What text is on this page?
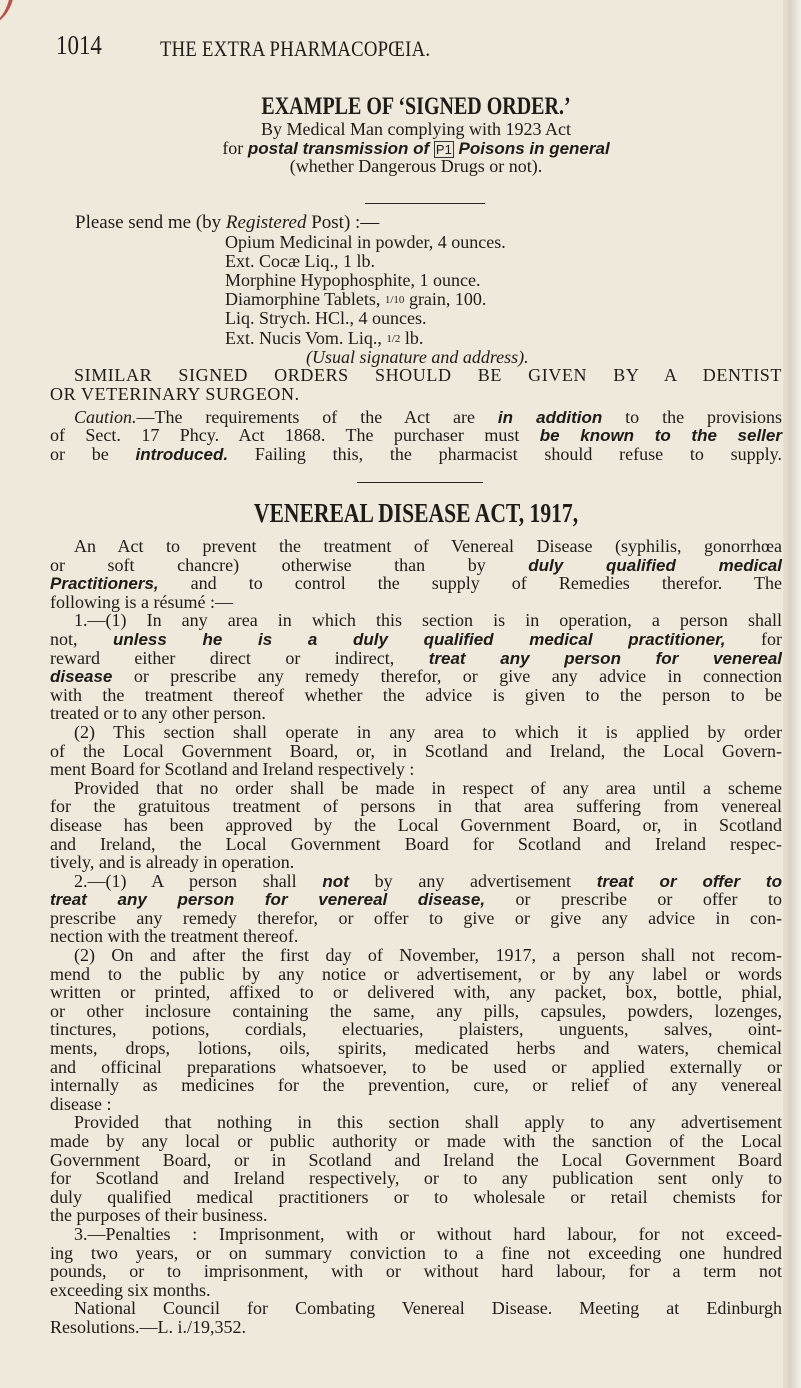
1014	THE EXTRA PHARMACOPŒIA.
EXAMPLE OF ‘SIGNED ORDER.’
By Medical Man complying with 1923 Act
for postal transmission of P1 Poisons in general
(whether Dangerous Drugs or not).
Please send me (by Registered Post) :—
Opium Medicinal in powder, 4 ounces.
Ext. Cocæ Liq., 1 lb.
Morphine Hypophosphite, 1 ounce.
Diamorphine Tablets, 1/10 grain, 100.
Liq. Strych. HCl., 4 ounces.
Ext. Nucis Vom. Liq., 1/2 lb.
(Usual signature and address).
SIMILAR SIGNED ORDERS SHOULD BE GIVEN BY A DENTIST
OR VETERINARY SURGEON.
Caution.—The requirements of the Act are in addition to the provisions
of Sect. 17 Phcy. Act 1868. The purchaser must be known to the seller
or be introduced. Failing this, the pharmacist should refuse to supply.
VENEREAL DISEASE ACT, 1917,
An Act to prevent the treatment of Venereal Disease (syphilis, gonorrhœa
or soft chancre) otherwise than by duly qualified medical
Practitioners, and to control the supply of Remedies therefor. The
following is a résumé :—
1.—(1) In any area in which this section is in operation, a person shall
not, unless he is a duly qualified medical practitioner, for
reward either direct or indirect, treat any person for venereal
disease or prescribe any remedy therefor, or give any advice in connection
with the treatment thereof whether the advice is given to the person to be
treated or to any other person.
(2) This section shall operate in any area to which it is applied by order
of the Local Government Board, or, in Scotland and Ireland, the Local Govern-
ment Board for Scotland and Ireland respectively :
Provided that no order shall be made in respect of any area until a scheme
for the gratuitous treatment of persons in that area suffering from venereal
disease has been approved by the Local Government Board, or, in Scotland
and Ireland, the Local Government Board for Scotland and Ireland respec-
tively, and is already in operation.
2.—(1) A person shall not by any advertisement treat or offer to
treat any person for venereal disease, or prescribe or offer to
prescribe any remedy therefor, or offer to give or give any advice in con-
nection with the treatment thereof.
(2) On and after the first day of November, 1917, a person shall not recom-
mend to the public by any notice or advertisement, or by any label or words
written or printed, affixed to or delivered with, any packet, box, bottle, phial,
or other inclosure containing the same, any pills, capsules, powders, lozenges,
tinctures, potions, cordials, electuaries, plaisters, unguents, salves, oint-
ments, drops, lotions, oils, spirits, medicated herbs and waters, chemical
and officinal preparations whatsoever, to be used or applied externally or
internally as medicines for the prevention, cure, or relief of any venereal
disease :
Provided that nothing in this section shall apply to any advertisement
made by any local or public authority or made with the sanction of the Local
Government Board, or in Scotland and Ireland the Local Government Board
for Scotland and Ireland respectively, or to any publication sent only to
duly qualified medical practitioners or to wholesale or retail chemists for
the purposes of their business.
3.—Penalties : Imprisonment, with or without hard labour, for not exceed-
ing two years, or on summary conviction to a fine not exceeding one hundred
pounds, or to imprisonment, with or without hard labour, for a term not
exceeding six months.
National Council for Combating Venereal Disease. Meeting at Edinburgh
Resolutions.—L. i./19,352.
